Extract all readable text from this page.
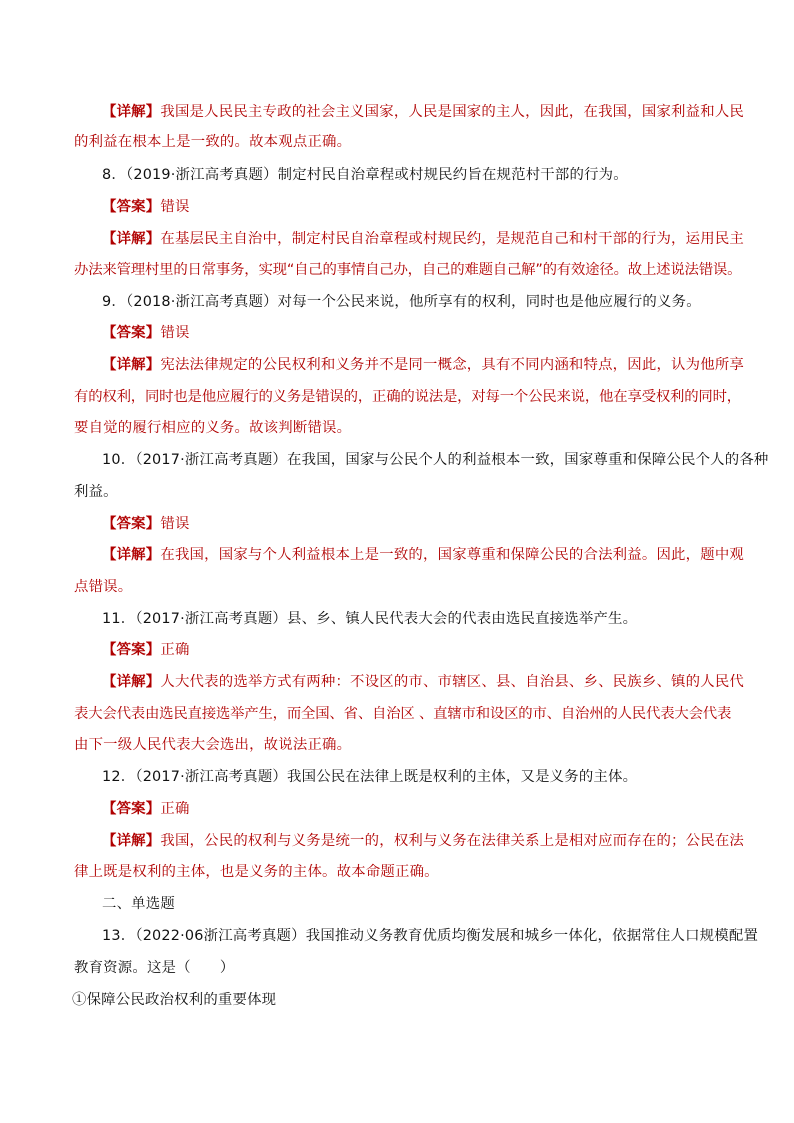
【详解】我国是人民民主专政的社会主义国家，人民是国家的主人，因此，在我国，国家利益和人民
的利益在根本上是一致的。故本观点正确。
8．（2019·浙江高考真题）制定村民自治章程或村规民约旨在规范村干部的行为。
【答案】错误
【详解】在基层民主自治中，制定村民自治章程或村规民约，是规范自己和村干部的行为，运用民主
办法来管理村里的日常事务，实现“自己的事情自己办，自己的难题自己解”的有效途径。故上述说法错误。
9．（2018·浙江高考真题）对每一个公民来说，他所享有的权利，同时也是他应履行的义务。
【答案】错误
【详解】宪法法律规定的公民权利和义务并不是同一概念，具有不同内涵和特点，因此，认为他所享
有的权利，同时也是他应履行的义务是错误的，正确的说法是，对每一个公民来说，他在享受权利的同时，
要自觉的履行相应的义务。故该判断错误。
10．（2017·浙江高考真题）在我国，国家与公民个人的利益根本一致，国家尊重和保障公民个人的各种
利益。
【答案】错误
【详解】在我国，国家与个人利益根本上是一致的，国家尊重和保障公民的合法利益。因此，题中观
点错误。
11．（2017·浙江高考真题）县、乡、镇人民代表大会的代表由选民直接选举产生。
【答案】正确
【详解】人大代表的选举方式有两种：不设区的市、市辖区、县、自治县、乡、民族乡、镇的人民代
表大会代表由选民直接选举产生，而全国、省、自治区 、直辖市和设区的市、自治州的人民代表大会代表
由下一级人民代表大会选出，故说法正确。
12．（2017·浙江高考真题）我国公民在法律上既是权利的主体，又是义务的主体。
【答案】正确
【详解】我国，公民的权利与义务是统一的，权利与义务在法律关系上是相对应而存在的；公民在法
律上既是权利的主体，也是义务的主体。故本命题正确。
二、单选题
13．（2022·06浙江高考真题）我国推动义务教育优质均衡发展和城乡一体化，依据常住人口规模配置
教育资源。这是（　　）
①保障公民政治权利的重要体现
